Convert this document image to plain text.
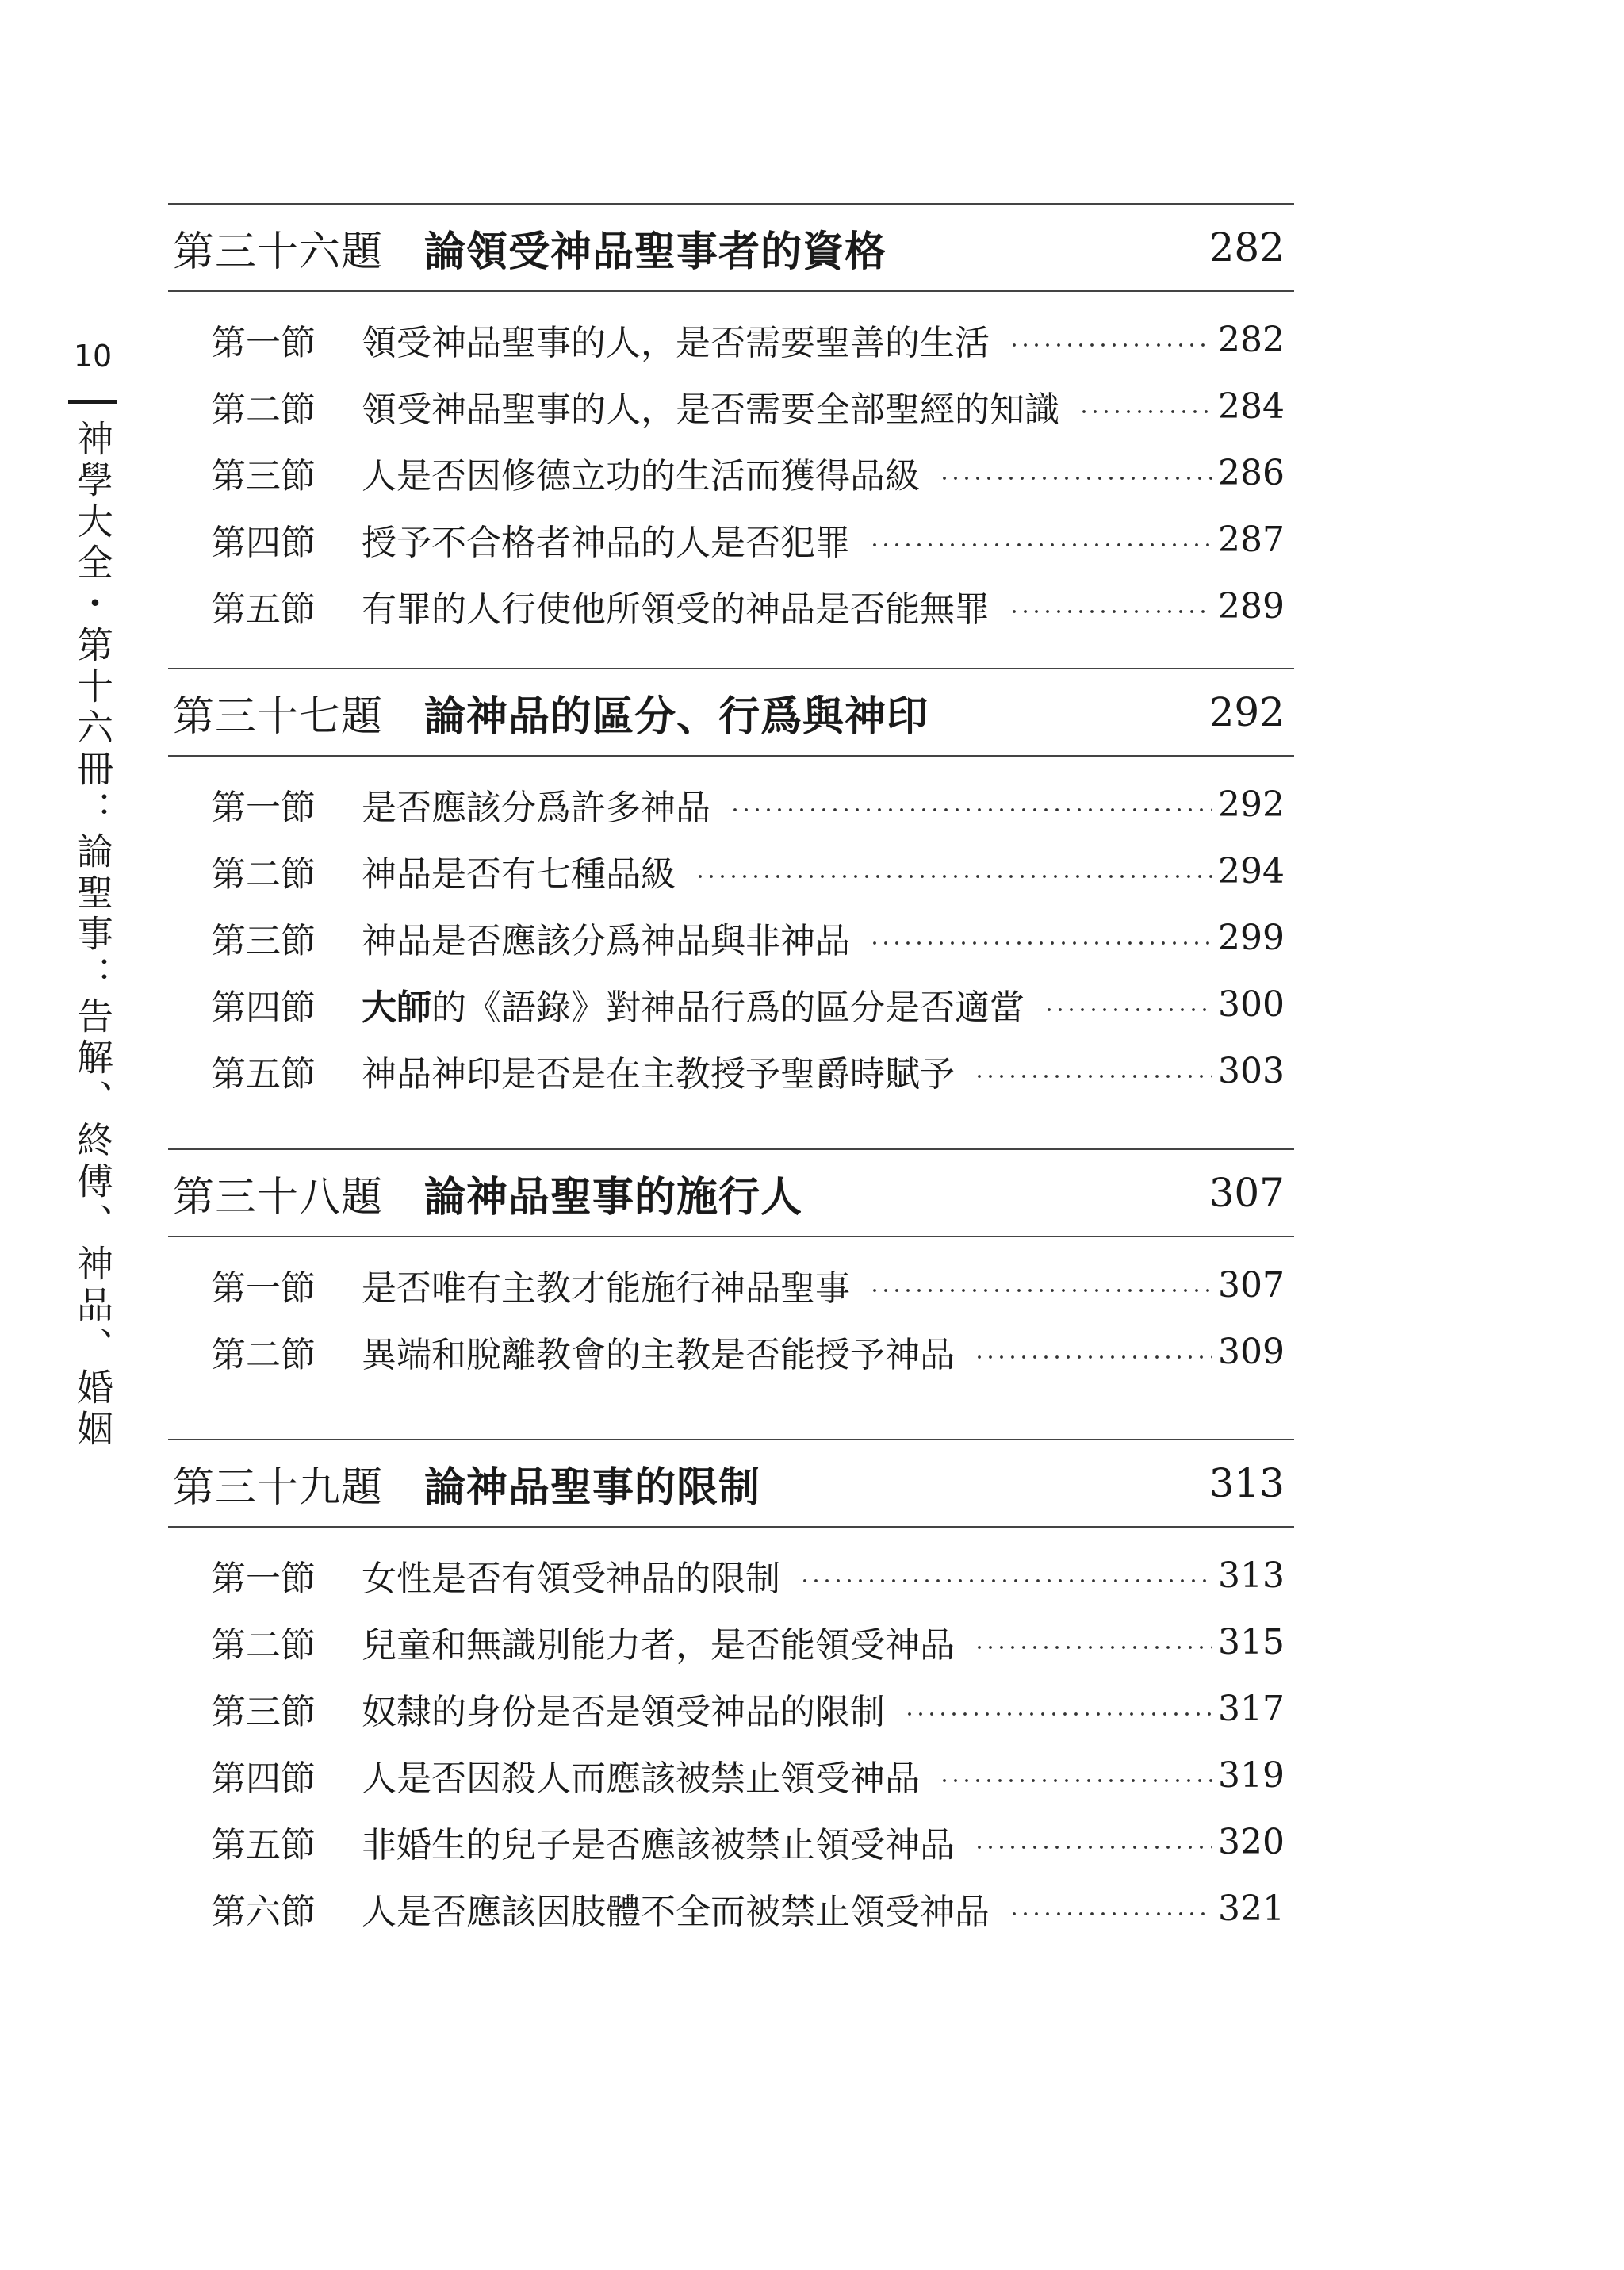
10
神學大全・第十六冊：論聖事：告解、終傅、神品、婚姻
第三十六題 論領受神品聖事者的資格	282
第一節	領受神品聖事的人，是否需要聖善的生活	282
第二節	領受神品聖事的人，是否需要全部聖經的知識	284
第三節	人是否因修德立功的生活而獲得品級	286
第四節	授予不合格者神品的人是否犯罪	287
第五節	有罪的人行使他所領受的神品是否能無罪	289
第三十七題 論神品的區分、行爲與神印	292
第一節	是否應該分爲許多神品	292
第二節	神品是否有七種品級	294
第三節	神品是否應該分爲神品與非神品	299
第四節	大師的《語錄》對神品行爲的區分是否適當	300
第五節	神品神印是否是在主教授予聖爵時賦予	303
第三十八題 論神品聖事的施行人	307
第一節	是否唯有主教才能施行神品聖事	307
第二節	異端和脫離教會的主教是否能授予神品	309
第三十九題 論神品聖事的限制	313
第一節	女性是否有領受神品的限制	313
第二節	兒童和無識別能力者，是否能領受神品	315
第三節	奴隸的身份是否是領受神品的限制	317
第四節	人是否因殺人而應該被禁止領受神品	319
第五節	非婚生的兒子是否應該被禁止領受神品	320
第六節	人是否應該因肢體不全而被禁止領受神品	321
